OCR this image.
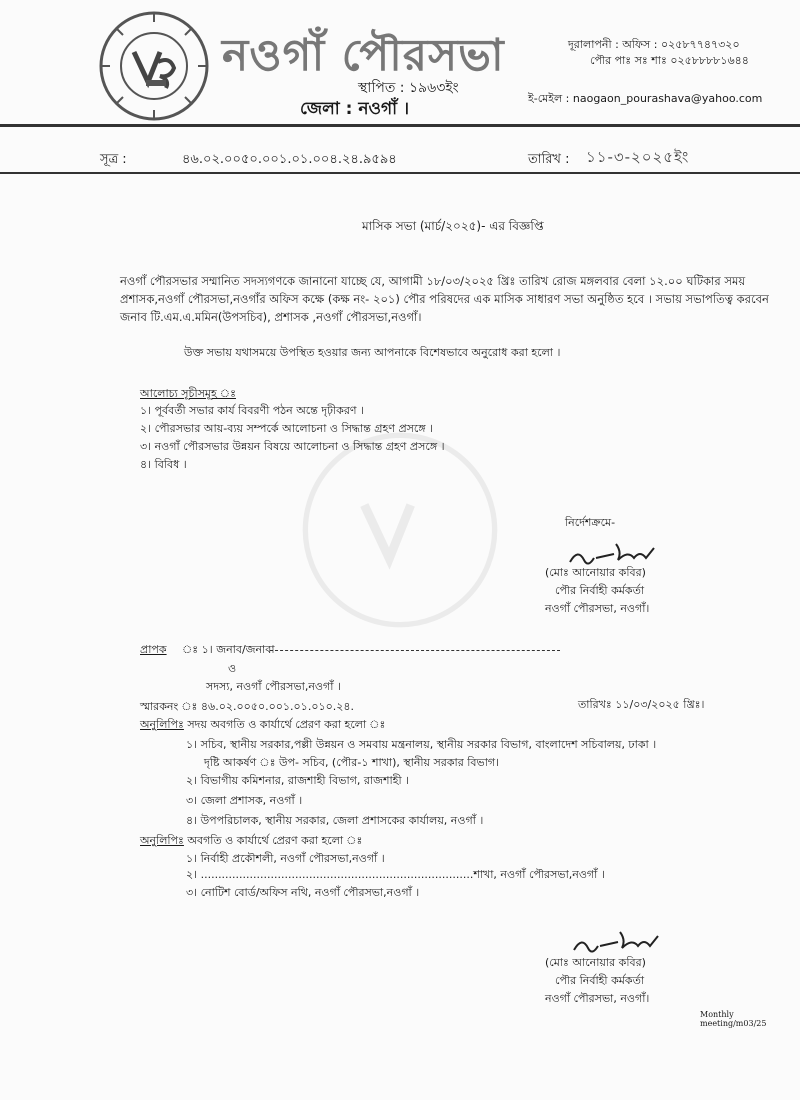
নওগাঁ পৌরসভা
স্থাপিত : ১৯৬৩ইং
জেলা : নওগাঁ ।
দূরালাপনী : অফিস : ০২৫৮৭৭৪৭৩২০
পৌর পাঃ সঃ শাঃ ০২৫৮৮৮৮১৬৪৪
ই-মেইল : naogaon_pourashava@yahoo.com
সূত্র :	৪৬.০২.০০৫০.০০১.০১.০০৪.২৪.৯৫৯৪	তারিখ : ১১-৩-২০২৫ইং
মাসিক সভা (মার্চ/২০২৫)- এর বিজ্ঞপ্তি
নওগাঁ পৌরসভার সম্মানিত সদস্যগণকে জানানো যাচ্ছে যে, আগামী ১৮/০৩/২০২৫ খ্রিঃ তারিখ রোজ মঙ্গলবার বেলা ১২.০০ ঘটিকার সময় প্রশাসক,নওগাঁ পৌরসভা,নওগাঁর অফিস কক্ষে (কক্ষ নং- ২০১) পৌর পরিষদের এক মাসিক সাধারণ সভা অনুষ্ঠিত হবে । সভায় সভাপতিত্ব করবেন জনাব টি.এম.এ.মমিন(উপসচিব), প্রশাসক ,নওগাঁ পৌরসভা,নওগাঁ।
উক্ত সভায় যথাসময়ে উপস্থিত হওয়ার জন্য আপনাকে বিশেষভাবে অনুরোধ করা হলো ।
আলোচ্য সূচীসমূহ ঃ
১। পূর্ববর্তী সভার কার্য বিবরণী পঠন অন্তে দৃঢ়ীকরণ ।
২। পৌরসভার আয়-ব্যয় সম্পর্কে আলোচনা ও সিদ্ধান্ত গ্রহণ প্রসঙ্গে ।
৩। নওগাঁ পৌরসভার উন্নয়ন বিষয়ে আলোচনা ও সিদ্ধান্ত গ্রহণ প্রসঙ্গে ।
৪। বিবিধ ।
নির্দেশক্রমে-
(মোঃ আনোয়ার কবির)
পৌর নির্বাহী কর্মকর্তা
নওগাঁ পৌরসভা, নওগাঁ।
প্রাপক ঃ ১। জনাব/জনাবা
ও
সদস্য, নওগাঁ পৌরসভা,নওগাঁ ।
স্মারকনং ঃ ৪৬.০২.০০৫০.০০১.০১.০১০.২৪.	তারিখঃ ১১/০৩/২০২৫ খ্রিঃ।
অনুলিপিঃ সদয় অবগতি ও কার্যার্থে প্রেরণ করা হলো ঃ
১। সচিব, স্থানীয় সরকার,পল্লী উন্নয়ন ও সমবায় মন্ত্রনালয়, স্থানীয় সরকার বিভাগ, বাংলাদেশ সচিবালয়, ঢাকা ।
দৃষ্টি আকর্ষণ ঃ উপ- সচিব, (পৌর-১ শাখা), স্থানীয় সরকার বিভাগ।
২। বিভাগীয় কমিশনার, রাজশাহী বিভাগ, রাজশাহী ।
৩। জেলা প্রশাসক, নওগাঁ ।
৪। উপপরিচালক, স্থানীয় সরকার, জেলা প্রশাসকের কার্যালয়, নওগাঁ ।
অনুলিপিঃ অবগতি ও কার্যার্থে প্রেরণ করা হলো ঃ
১। নির্বাহী প্রকৌশলী, নওগাঁ পৌরসভা,নওগাঁ ।
২। ..............................................................................শাখা, নওগাঁ পৌরসভা,নওগাঁ ।
৩। নোটিশ বোর্ড/অফিস নথি, নওগাঁ পৌরসভা,নওগাঁ ।
(মোঃ আনোয়ার কবির)
পৌর নির্বাহী কর্মকর্তা
নওগাঁ পৌরসভা, নওগাঁ।
Monthly meeting/m03/25
